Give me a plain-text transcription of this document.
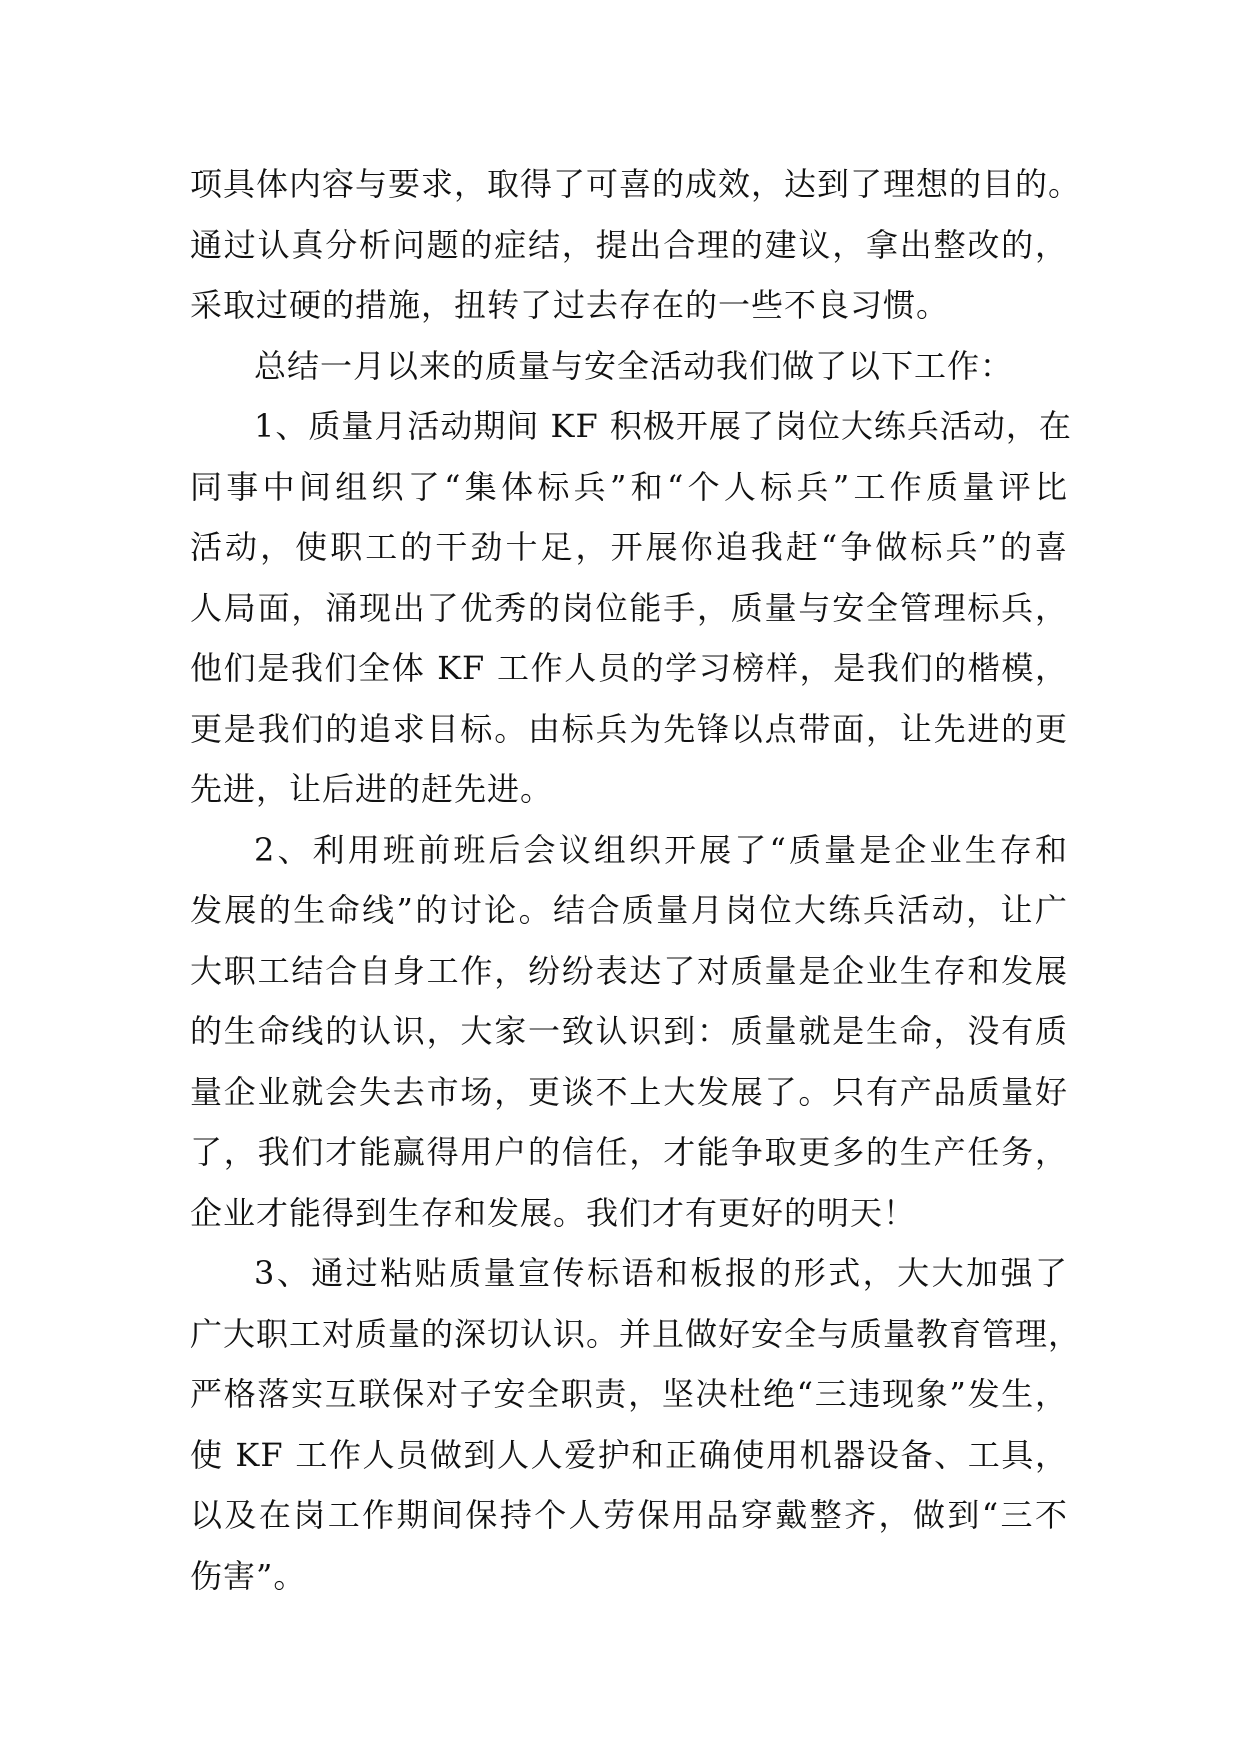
项具体内容与要求，取得了可喜的成效，达到了理想的目的。
通过认真分析问题的症结，提出合理的建议，拿出整改的，
采取过硬的措施，扭转了过去存在的一些不良习惯。

总结一月以来的质量与安全活动我们做了以下工作：

1、质量月活动期间 KF 积极开展了岗位大练兵活动，在
同事中间组织了“集体标兵”和“个人标兵”工作质量评比
活动，使职工的干劲十足，开展你追我赶“争做标兵”的喜
人局面，涌现出了优秀的岗位能手，质量与安全管理标兵，
他们是我们全体 KF 工作人员的学习榜样，是我们的楷模，
更是我们的追求目标。由标兵为先锋以点带面，让先进的更
先进，让后进的赶先进。

2、利用班前班后会议组织开展了“质量是企业生存和
发展的生命线”的讨论。结合质量月岗位大练兵活动，让广
大职工结合自身工作，纷纷表达了对质量是企业生存和发展
的生命线的认识，大家一致认识到：质量就是生命，没有质
量企业就会失去市场，更谈不上大发展了。只有产品质量好
了，我们才能赢得用户的信任，才能争取更多的生产任务，
企业才能得到生存和发展。我们才有更好的明天！

3、通过粘贴质量宣传标语和板报的形式，大大加强了
广大职工对质量的深切认识。并且做好安全与质量教育管理，
严格落实互联保对子安全职责，坚决杜绝“三违现象”发生，
使 KF 工作人员做到人人爱护和正确使用机器设备、工具，
以及在岗工作期间保持个人劳保用品穿戴整齐，做到“三不
伤害”。
